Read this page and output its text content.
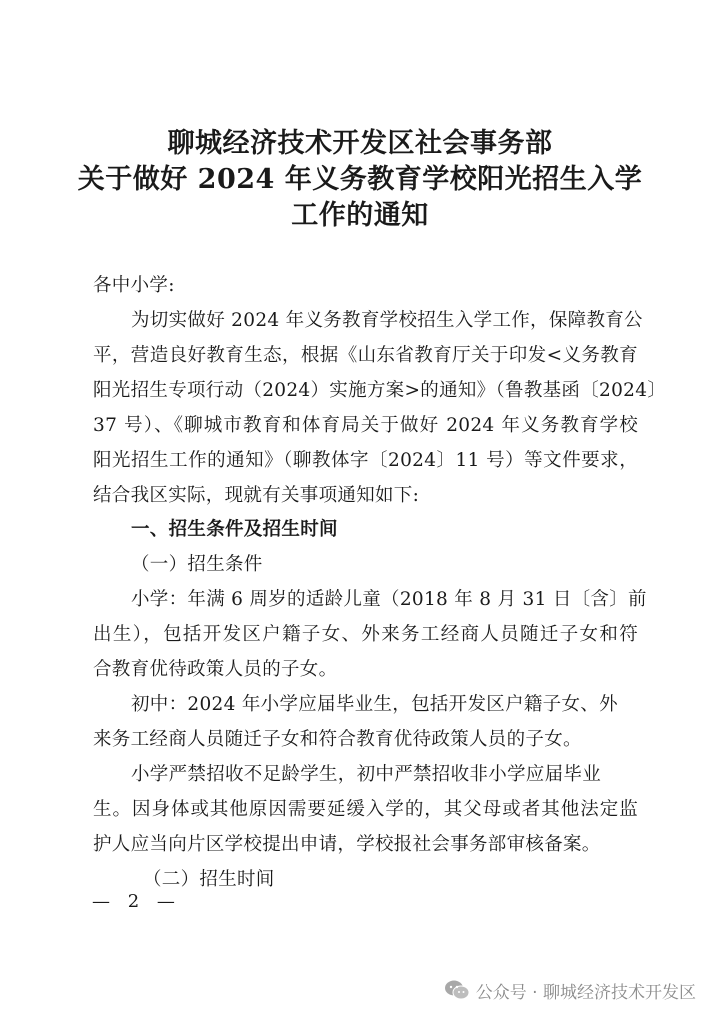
聊城经济技术开发区社会事务部
关于做好 2024 年义务教育学校阳光招生入学
工作的通知
各中小学:
为切实做好 2024 年义务教育学校招生入学工作，保障教育公
平，营造良好教育生态，根据《山东省教育厅关于印发<义务教育
阳光招生专项行动（2024）实施方案>的通知》（鲁教基函〔2024〕
37 号）、《聊城市教育和体育局关于做好 2024 年义务教育学校
阳光招生工作的通知》（聊教体字〔2024〕11 号）等文件要求，
结合我区实际，现就有关事项通知如下:
一、招生条件及招生时间
（一）招生条件
小学：年满 6 周岁的适龄儿童（2018 年 8 月 31 日〔含〕前
出生），包括开发区户籍子女、外来务工经商人员随迁子女和符
合教育优待政策人员的子女。
初中：2024 年小学应届毕业生，包括开发区户籍子女、外
来务工经商人员随迁子女和符合教育优待政策人员的子女。
小学严禁招收不足龄学生，初中严禁招收非小学应届毕业
生。因身体或其他原因需要延缓入学的，其父母或者其他法定监
护人应当向片区学校提出申请，学校报社会事务部审核备案。
（二）招生时间
— 2 —
公众号 · 聊城经济技术开发区
